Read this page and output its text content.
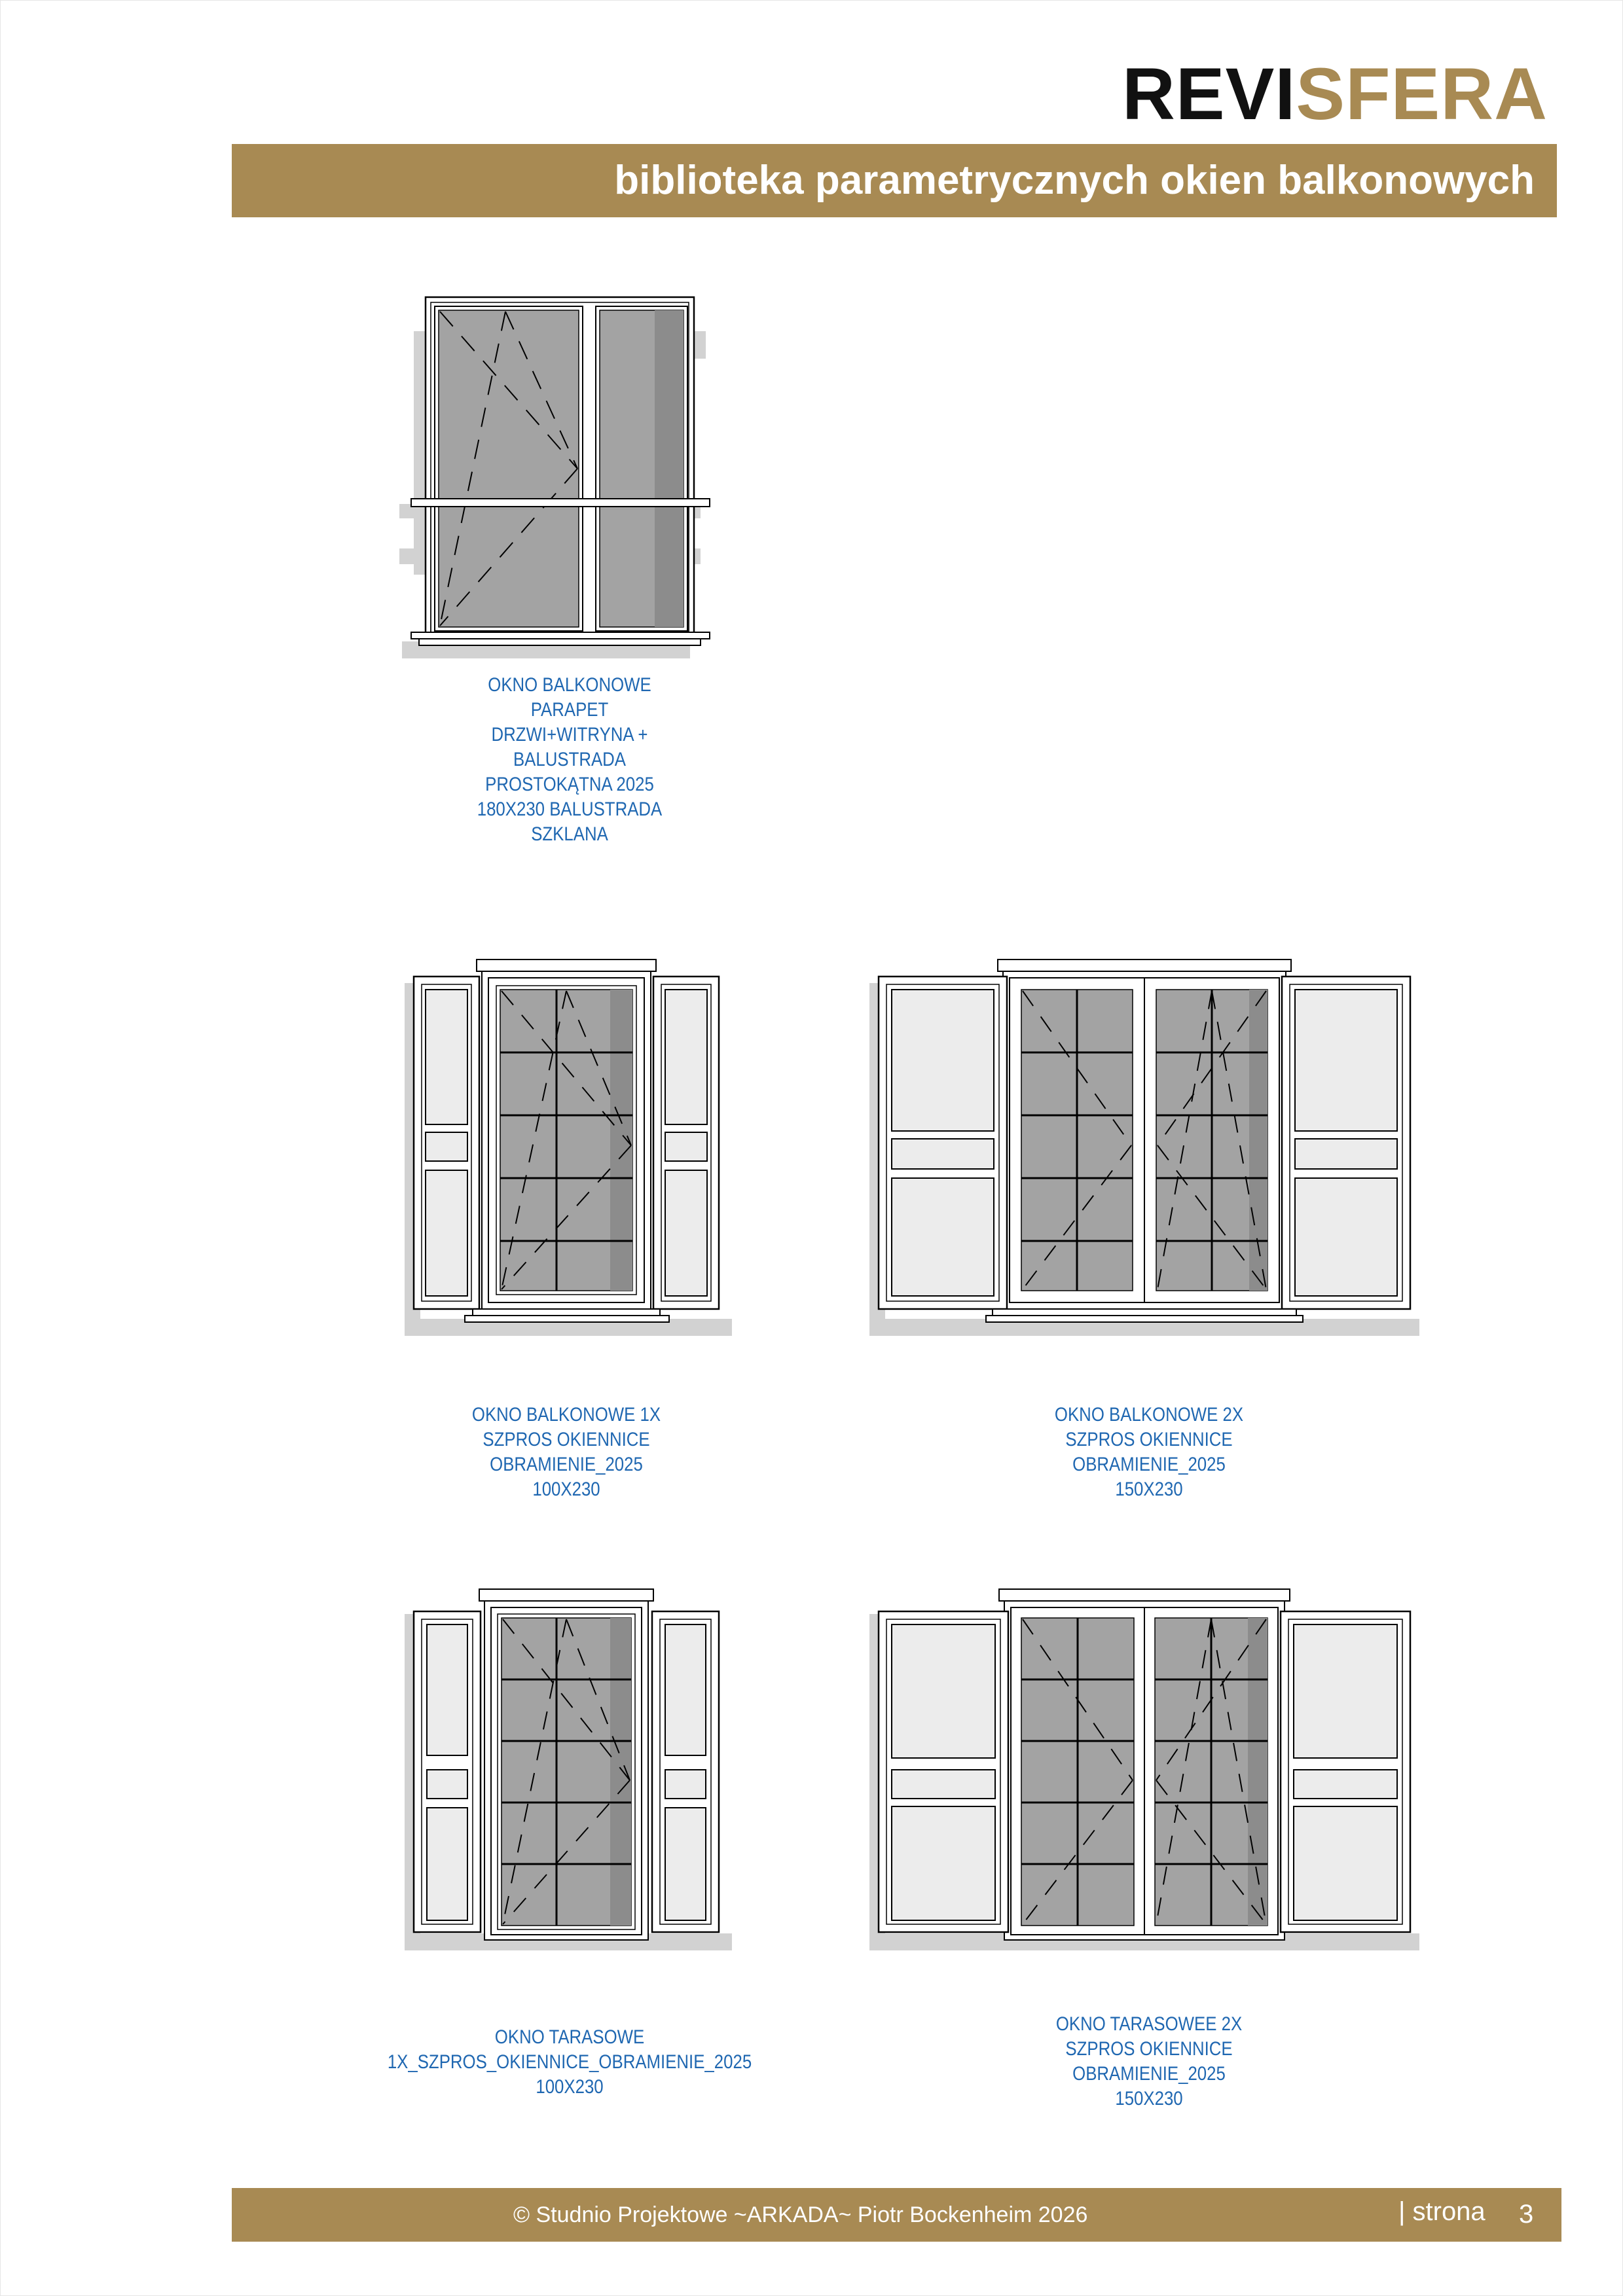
REVISFERA
biblioteka parametrycznych okien balkonowych
OKNO BALKONOWE
PARAPET
DRZWI+WITRYNA +
BALUSTRADA
PROSTOKĄTNA 2025
180X230 BALUSTRADA
SZKLANA
OKNO BALKONOWE 1X
SZPROS OKIENNICE
OBRAMIENIE_2025
100X230
OKNO BALKONOWE 2X
SZPROS OKIENNICE
OBRAMIENIE_2025
150X230
OKNO TARASOWE
1X_SZPROS_OKIENNICE_OBRAMIENIE_2025
100X230
OKNO TARASOWEE 2X
SZPROS OKIENNICE
OBRAMIENIE_2025
150X230
© Studnio Projektowe ~ARKADA~ Piotr Bockenheim 2026	| strona 3
